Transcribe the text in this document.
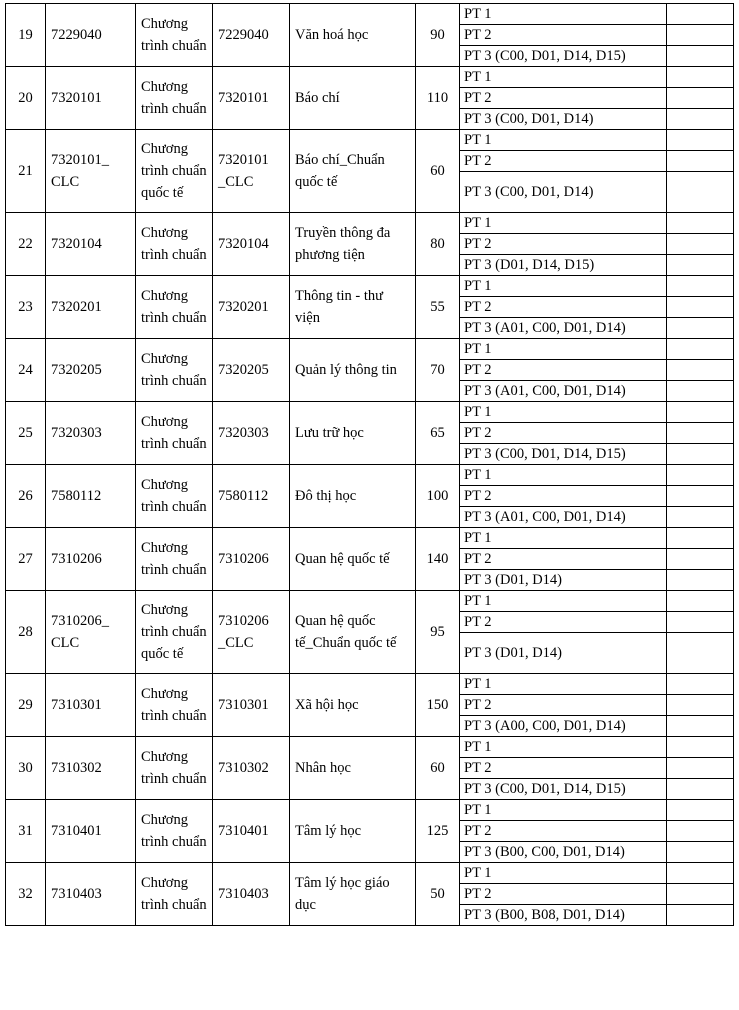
19	7229040	Chương trình chuẩn	7229040	Văn hoá học	90	PT 1	
						PT 2	
						PT 3 (C00, D01, D14, D15)	
20	7320101	Chương trình chuẩn	7320101	Báo chí	110	PT 1	
						PT 2	
						PT 3 (C00, D01, D14)	
21	7320101_ CLC	Chương trình chuẩn quốc tế	7320101 _CLC	Báo chí_Chuẩn quốc tế	60	PT 1	
						PT 2	
						PT 3 (C00, D01, D14)	
22	7320104	Chương trình chuẩn	7320104	Truyền thông đa phương tiện	80	PT 1	
						PT 2	
						PT 3 (D01, D14, D15)	
23	7320201	Chương trình chuẩn	7320201	Thông tin - thư viện	55	PT 1	
						PT 2	
						PT 3 (A01, C00, D01, D14)	
24	7320205	Chương trình chuẩn	7320205	Quản lý thông tin	70	PT 1	
						PT 2	
						PT 3 (A01, C00, D01, D14)	
25	7320303	Chương trình chuẩn	7320303	Lưu trữ học	65	PT 1	
						PT 2	
						PT 3 (C00, D01, D14, D15)	
26	7580112	Chương trình chuẩn	7580112	Đô thị học	100	PT 1	
						PT 2	
						PT 3 (A01, C00, D01, D14)	
27	7310206	Chương trình chuẩn	7310206	Quan hệ quốc tế	140	PT 1	
						PT 2	
						PT 3 (D01, D14)	
28	7310206_ CLC	Chương trình chuẩn quốc tế	7310206 _CLC	Quan hệ quốc tế_Chuẩn quốc tế	95	PT 1	
						PT 2	
						PT 3 (D01, D14)	
29	7310301	Chương trình chuẩn	7310301	Xã hội học	150	PT 1	
						PT 2	
						PT 3 (A00, C00, D01, D14)	
30	7310302	Chương trình chuẩn	7310302	Nhân học	60	PT 1	
						PT 2	
						PT 3 (C00, D01, D14, D15)	
31	7310401	Chương trình chuẩn	7310401	Tâm lý học	125	PT 1	
						PT 2	
						PT 3 (B00, C00, D01, D14)	
32	7310403	Chương trình chuẩn	7310403	Tâm lý học giáo dục	50	PT 1	
						PT 2	
						PT 3 (B00, B08, D01, D14)	
